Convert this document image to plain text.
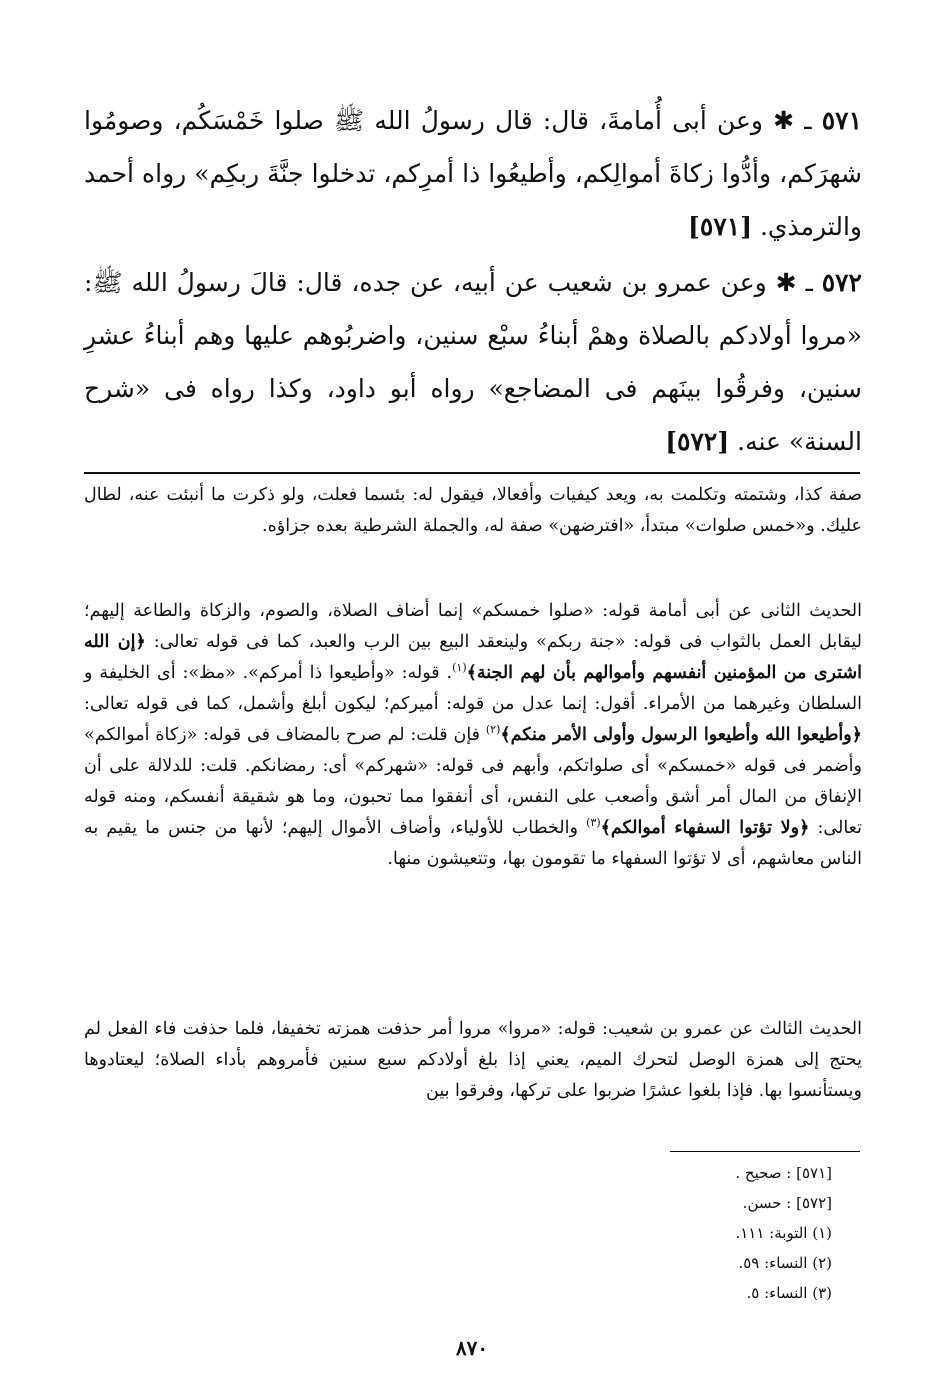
٥٧١ ـ ✱ وعن أبى أُمامةَ، قال: قال رسولُ الله ﷺ صلوا خَمْسَكُم، وصومُوا شهرَكم، وأدُّوا زكاةَ أموالِكم، وأطيعُوا ذا أمرِكم، تدخلوا جنَّةَ ربكِم» رواه أحمد والترمذي. [٥٧١]
٥٧٢ ـ ✱ وعن عمرو بن شعيب عن أبيه، عن جده، قال: قالَ رسولُ الله ﷺ: «مروا أولادكم بالصلاة وهمْ أبناءُ سبْع سنين، واضربُوهم عليها وهم أبناءُ عشرِ سنين، وفرقُوا بينَهم فى المضاجع» رواه أبو داود، وكذا رواه فى «شرح السنة» عنه. [٥٧٢]
صفة كذا، وشتمته وتكلمت به، ويعد كيفيات وأفعالا، فيقول له: بئسما فعلت، ولو ذكرت ما أنبئت عنه، لطال عليك. و«خمس صلوات» مبتدأ، «افترضهن» صفة له، والجملة الشرطية بعده جزاؤه.
الحديث الثانى عن أبى أمامة قوله: «صلوا خمسكم» إنما أضاف الصلاة، والصوم، والزكاة والطاعة إليهم؛ ليقابل العمل بالثواب فى قوله: «جنة ربكم» ولينعقد البيع بين الرب والعبد، كما فى قوله تعالى: ﴿إن الله اشترى من المؤمنين أنفسهم وأموالهم بأن لهم الجنة﴾$^{(١)}$. قوله: «وأطيعوا ذا أمركم». «مظ»: أى الخليفة و السلطان وغيرهما من الأمراء. أقول: إنما عدل من قوله: أميركم؛ ليكون أبلغ وأشمل، كما فى قوله تعالى: ﴿وأطيعوا الله وأطيعوا الرسول وأولى الأمر منكم﴾$^{(٢)}$ فإن قلت: لم صرح بالمضاف فى قوله: «زكاة أموالكم» وأضمر فى قوله «خمسكم» أى صلواتكم، وأبهم فى قوله: «شهركم» أى: رمضانكم. قلت: للدلالة على أن الإنفاق من المال أمر أشق وأصعب على النفس، أى أنفقوا مما تحبون، وما هو شقيقة أنفسكم، ومنه قوله تعالى: ﴿ولا تؤتوا السفهاء أموالكم﴾$^{(٣)}$ والخطاب للأولياء، وأضاف الأموال إليهم؛ لأنها من جنس ما يقيم به الناس معاشهم، أى لا تؤتوا السفهاء ما تقومون بها، وتتعيشون منها.
الحديث الثالث عن عمرو بن شعيب: قوله: «مروا» مروا أمر حذفت همزته تخفيفا، فلما حذفت فاء الفعل لم يحتج إلى همزة الوصل لتحرك الميم، يعني إذا بلغ أولادكم سبع سنين فأمروهم بأداء الصلاة؛ ليعتادوها ويستأنسوا بها. فإذا بلغوا عشرًا ضربوا على تركها، وفرقوا بين
[٥٧١] : صحيح .
[٥٧٢] : حسن.
(١) التوبة: ١١١.
(٢) النساء: ٥٩.
(٣) النساء: ٥.
٨٧٠
